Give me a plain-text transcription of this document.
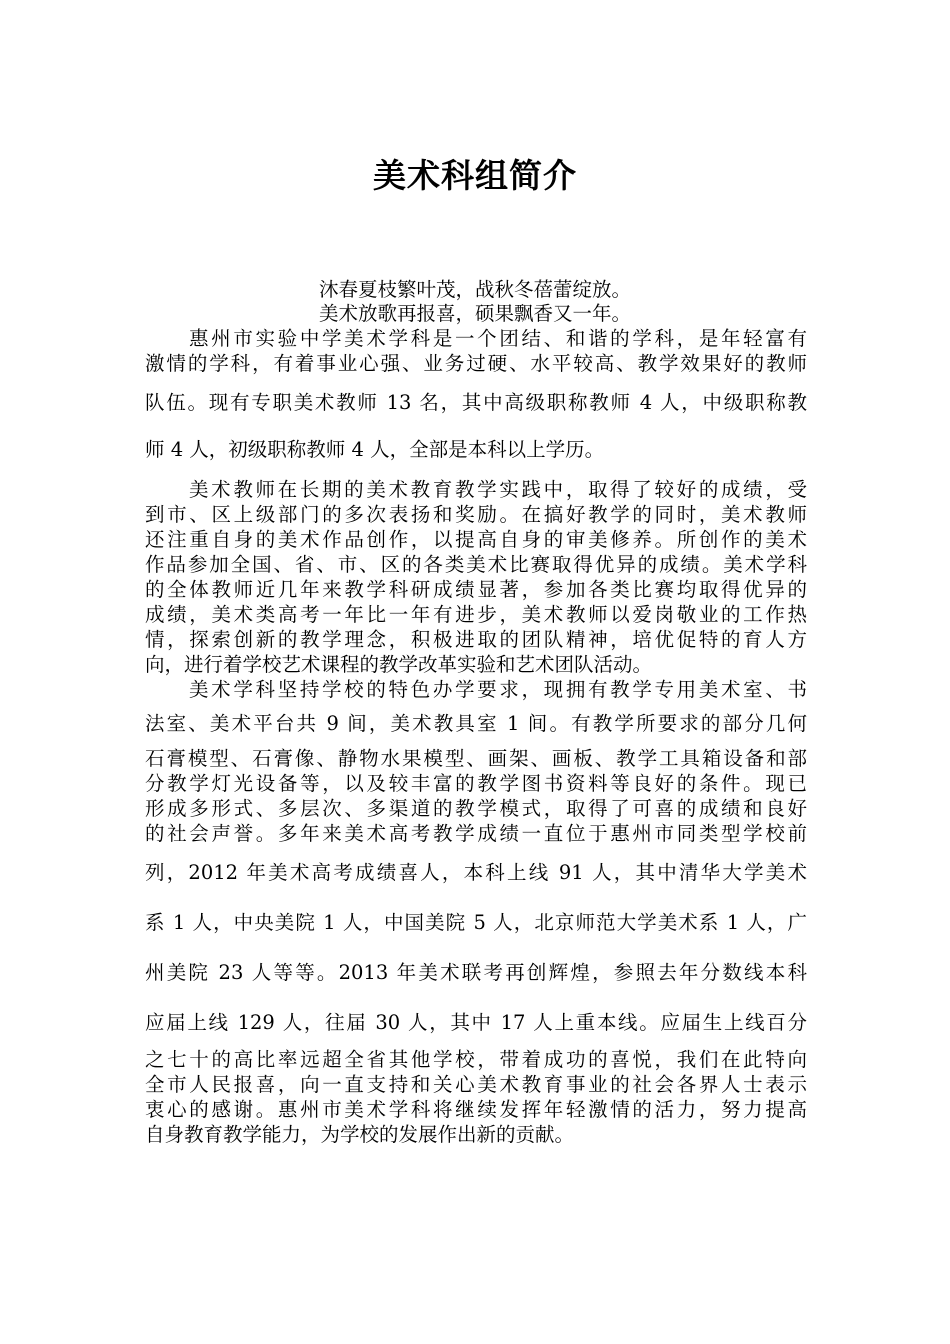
美术科组简介
沐春夏枝繁叶茂，战秋冬蓓蕾绽放。
美术放歌再报喜，硕果飘香又一年。
惠州市实验中学美术学科是一个团结、和谐的学科，是年轻富有
激情的学科，有着事业心强、业务过硬、水平较高、教学效果好的教师
队伍。现有专职美术教师 13 名，其中高级职称教师 4 人，中级职称教
师 4 人，初级职称教师 4 人，全部是本科以上学历。
美术教师在长期的美术教育教学实践中，取得了较好的成绩，受
到市、区上级部门的多次表扬和奖励。在搞好教学的同时，美术教师
还注重自身的美术作品创作，以提高自身的审美修养。所创作的美术
作品参加全国、省、市、区的各类美术比赛取得优异的成绩。美术学科
的全体教师近几年来教学科研成绩显著，参加各类比赛均取得优异的
成绩，美术类高考一年比一年有进步，美术教师以爱岗敬业的工作热
情，探索创新的教学理念，积极进取的团队精神，培优促特的育人方
向，进行着学校艺术课程的教学改革实验和艺术团队活动。
美术学科坚持学校的特色办学要求，现拥有教学专用美术室、书
法室、美术平台共 9 间，美术教具室 1 间。有教学所要求的部分几何
石膏模型、石膏像、静物水果模型、画架、画板、教学工具箱设备和部
分教学灯光设备等，以及较丰富的教学图书资料等良好的条件。现已
形成多形式、多层次、多渠道的教学模式，取得了可喜的成绩和良好
的社会声誉。多年来美术高考教学成绩一直位于惠州市同类型学校前
列，2012 年美术高考成绩喜人，本科上线 91 人，其中清华大学美术
系 1 人，中央美院 1 人，中国美院 5 人，北京师范大学美术系 1 人，广
州美院 23 人等等。2013 年美术联考再创辉煌，参照去年分数线本科
应届上线 129 人，往届 30 人，其中 17 人上重本线。应届生上线百分
之七十的高比率远超全省其他学校，带着成功的喜悦，我们在此特向
全市人民报喜，向一直支持和关心美术教育事业的社会各界人士表示
衷心的感谢。惠州市美术学科将继续发挥年轻激情的活力，努力提高
自身教育教学能力，为学校的发展作出新的贡献。
